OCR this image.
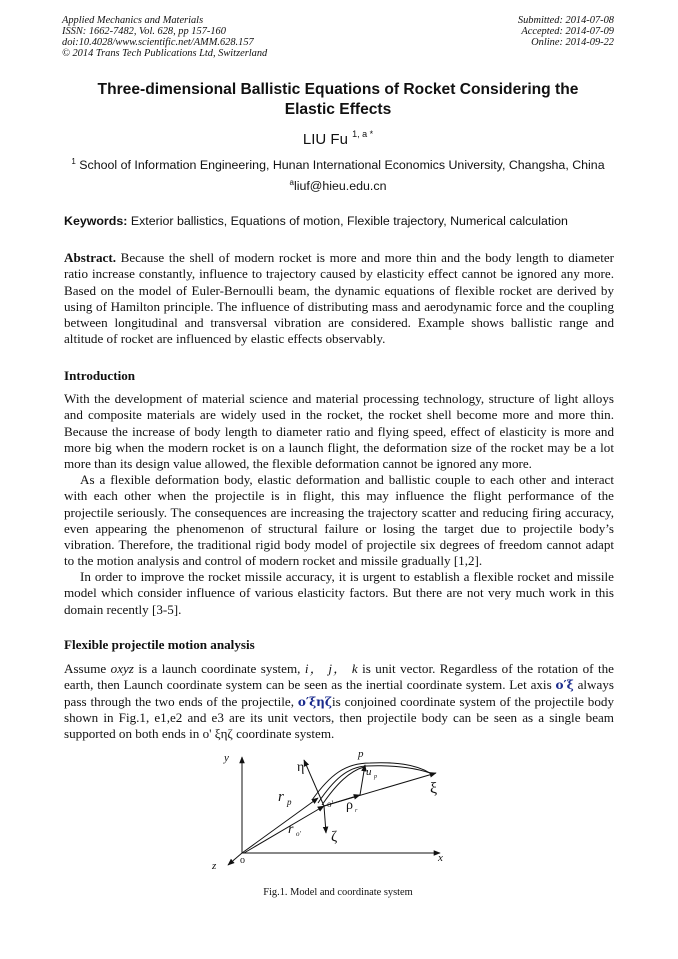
Applied Mechanics and Materials
ISSN: 1662-7482, Vol. 628, pp 157-160
doi:10.4028/www.scientific.net/AMM.628.157
© 2014 Trans Tech Publications Ltd, Switzerland
Submitted: 2014-07-08
Accepted: 2014-07-09
Online: 2014-09-22
Three-dimensional Ballistic Equations of Rocket Considering the
Elastic Effects
LIU Fu $^{1, a *}$
$^1$ School of Information Engineering, Hunan International Economics University, Changsha, China
$^a$liuf@hieu.edu.cn
Keywords: Exterior ballistics, Equations of motion, Flexible trajectory, Numerical calculation
Abstract. Because the shell of modern rocket is more and more thin and the body length to diameter ratio increase constantly, influence to trajectory caused by elasticity effect cannot be ignored any more. Based on the model of Euler-Bernoulli beam, the dynamic equations of flexible rocket are derived by using of Hamilton principle. The influence of distributing mass and aerodynamic force and the coupling between longitudinal and transversal vibration are considered. Example shows ballistic range and altitude of rocket are influenced by elastic effects observably.
Introduction
With the development of material science and material processing technology, structure of light alloys and composite materials are widely used in the rocket, the rocket shell become more and more thin. Because the increase of body length to diameter ratio and flying speed, effect of elasticity is more and more big when the modern rocket is on a launch flight, the deformation size of the rocket may be a lot more than its design value allowed, the flexible deformation cannot be ignored any more.
As a flexible deformation body, elastic deformation and ballistic couple to each other and interact with each other when the projectile is in flight, this may influence the flight performance of the projectile seriously. The consequences are increasing the trajectory scatter and reducing firing accuracy, even appearing the phenomenon of structural failure or losing the target due to projectile body’s vibration. Therefore, the traditional rigid body model of projectile six degrees of freedom cannot adapt to the motion analysis and control of modern rocket and missile gradually [1,2].
In order to improve the rocket missile accuracy, it is urgent to establish a flexible rocket and missile model which consider influence of various elasticity factors. But there are not very much work in this domain recently [3-5].
Flexible projectile motion analysis
Assume oxyz is a launch coordinate system, i， j， k is unit vector. Regardless of the rotation of the earth, then Launch coordinate system can be seen as the inertial coordinate system. Let axis o′ξ always pass through the two ends of the projectile, o′ξηζis conjoined coordinate system of the projectile body shown in Fig.1, e1,e2 and e3 are its unit vectors, then projectile body can be seen as a single beam supported on both ends in o' ξηζ coordinate system.
y
x
z o
o'
p
r p
r o'
ρ r
u p
η
ξ
ζ
Fig.1. Model and coordinate system
